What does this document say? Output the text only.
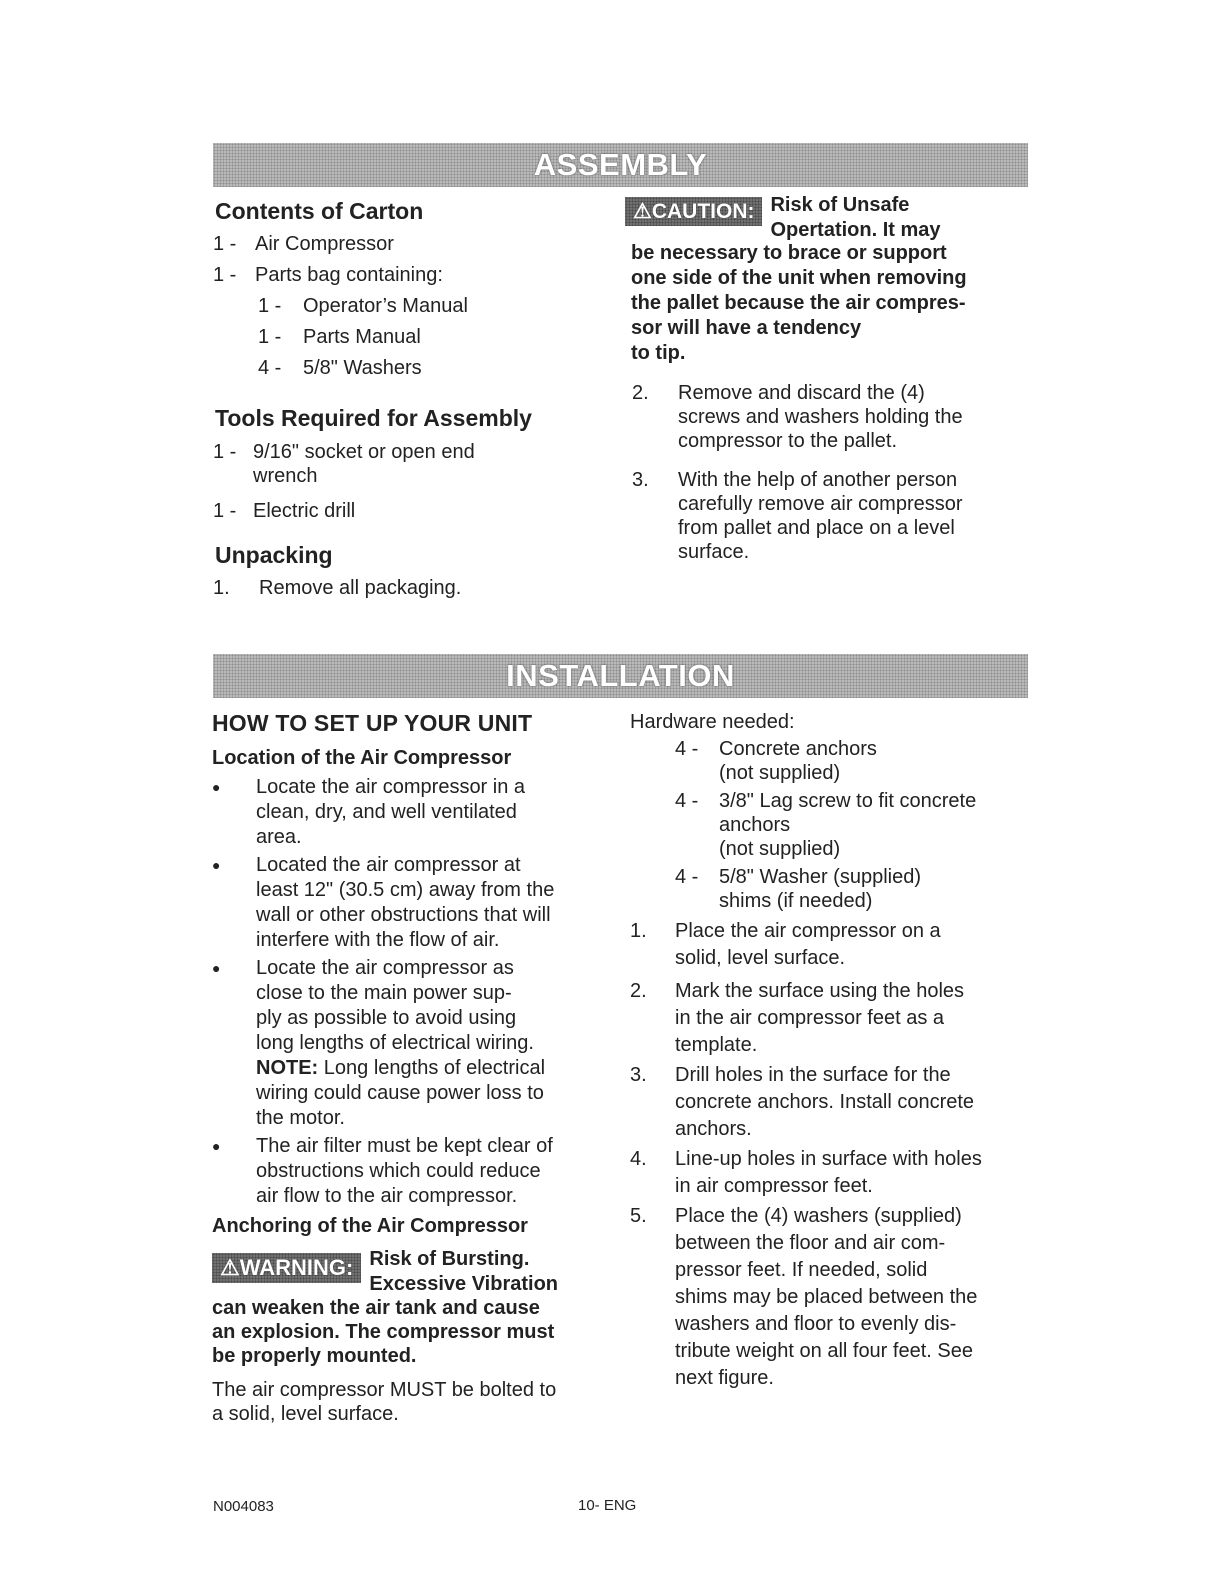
ASSEMBLY
Contents of Carton
1 - Air Compressor
1 - Parts bag containing:
1 -	Operator’s Manual
1 -	Parts Manual
4 -	5/8" Washers
Tools Required for Assembly
1 - 9/16" socket or open end
wrench
1 - Electric drill
Unpacking
1.	Remove all packaging.
⚠CAUTION: Risk of Unsafe
Opertation. It may
be necessary to brace or support
one side of the unit when removing
the pallet because the air compres-
sor will have a tendency
to tip.
2.	Remove and discard the (4)
screws and washers holding the
compressor to the pallet.
3.	With the help of another person
carefully remove air compressor
from pallet and place on a level
surface.
INSTALLATION
HOW TO SET UP YOUR UNIT
Location of the Air Compressor
●	Locate the air compressor in a
clean, dry, and well ventilated
area.
●	Located the air compressor at
least 12" (30.5 cm) away from the
wall or other obstructions that will
interfere with the flow of air.
●	Locate the air compressor as
close to the main power sup-
ply as possible to avoid using
long lengths of electrical wiring.
NOTE: Long lengths of electrical
wiring could cause power loss to
the motor.
●	The air filter must be kept clear of
obstructions which could reduce
air flow to the air compressor.
Anchoring of the Air Compressor
⚠WARNING: Risk of Bursting.
Excessive Vibration
can weaken the air tank and cause
an explosion. The compressor must
be properly mounted.
The air compressor MUST be bolted to
a solid, level surface.
Hardware needed:
4 -	Concrete anchors
(not supplied)
4 -	3/8" Lag screw to fit concrete
anchors
(not supplied)
4 -	5/8" Washer (supplied)
shims (if needed)
1.	Place the air compressor on a
solid, level surface.
2.	Mark the surface using the holes
in the air compressor feet as a
template.
3.	Drill holes in the surface for the
concrete anchors. Install concrete
anchors.
4.	Line-up holes in surface with holes
in air compressor feet.
5.	Place the (4) washers (supplied)
between the floor and air com-
pressor feet. If needed, solid
shims may be placed between the
washers and floor to evenly dis-
tribute weight on all four feet. See
next figure.
N004083	10- ENG
